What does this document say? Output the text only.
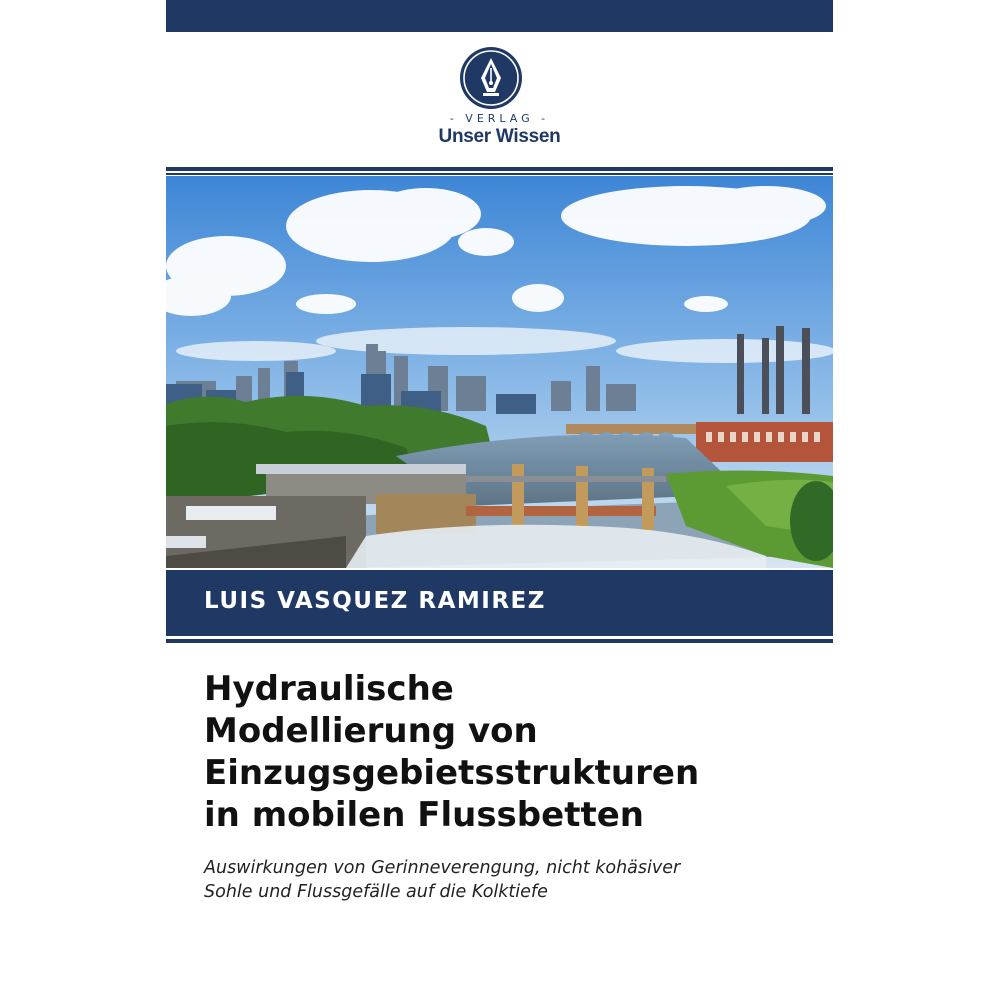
- VERLAG -
Unser Wissen
LUIS VASQUEZ RAMIREZ
Hydraulische
Modellierung von
Einzugsgebietsstrukturen
in mobilen Flussbetten
Auswirkungen von Gerinneverengung, nicht kohäsiver
Sohle und Flussgefälle auf die Kolktiefe
